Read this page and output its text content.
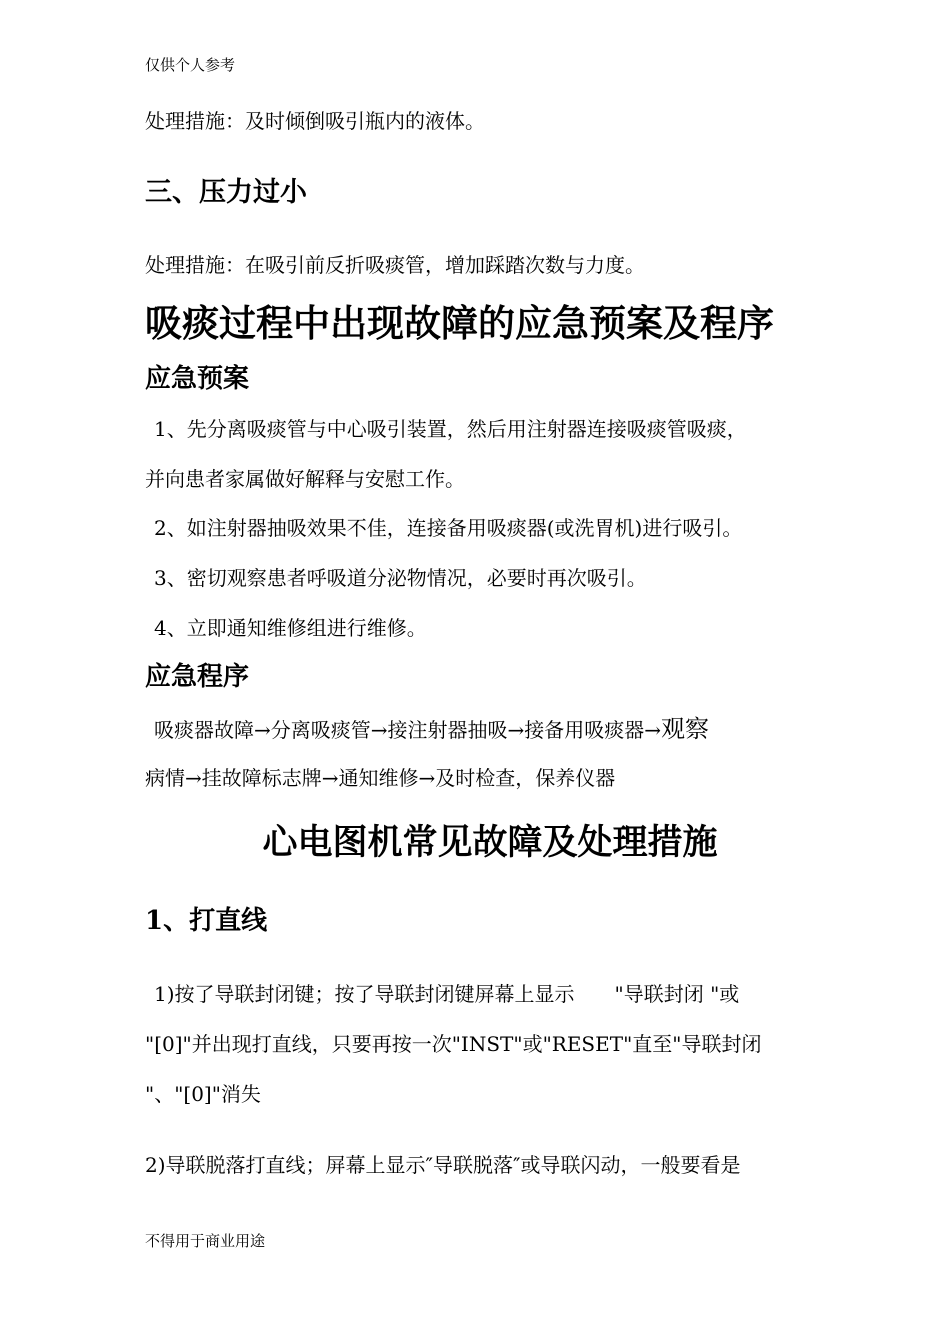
仅供个人参考

处理措施：及时倾倒吸引瓶内的液体。

三、压力过小

处理措施：在吸引前反折吸痰管，增加踩踏次数与力度。

吸痰过程中出现故障的应急预案及程序
应急预案

1、先分离吸痰管与中心吸引装置，然后用注射器连接吸痰管吸痰，

并向患者家属做好解释与安慰工作。

2、如注射器抽吸效果不佳，连接备用吸痰器(或洗胃机)进行吸引。

3、密切观察患者呼吸道分泌物情况，必要时再次吸引。

4、立即通知维修组进行维修。

应急程序

吸痰器故障→分离吸痰管→接注射器抽吸→接备用吸痰器→观察

病情→挂故障标志牌→通知维修→及时检查，保养仪器

心电图机常见故障及处理措施
1、打直线

1)按了导联封闭键；按了导联封闭键屏幕上显示　　"导联封闭 "或

"[0]"并出现打直线，只要再按一次"INST"或"RESET"直至"导联封闭

"、"[0]"消失

2)导联脱落打直线；屏幕上显示″导联脱落″或导联闪动，一般要看是

不得用于商业用途
